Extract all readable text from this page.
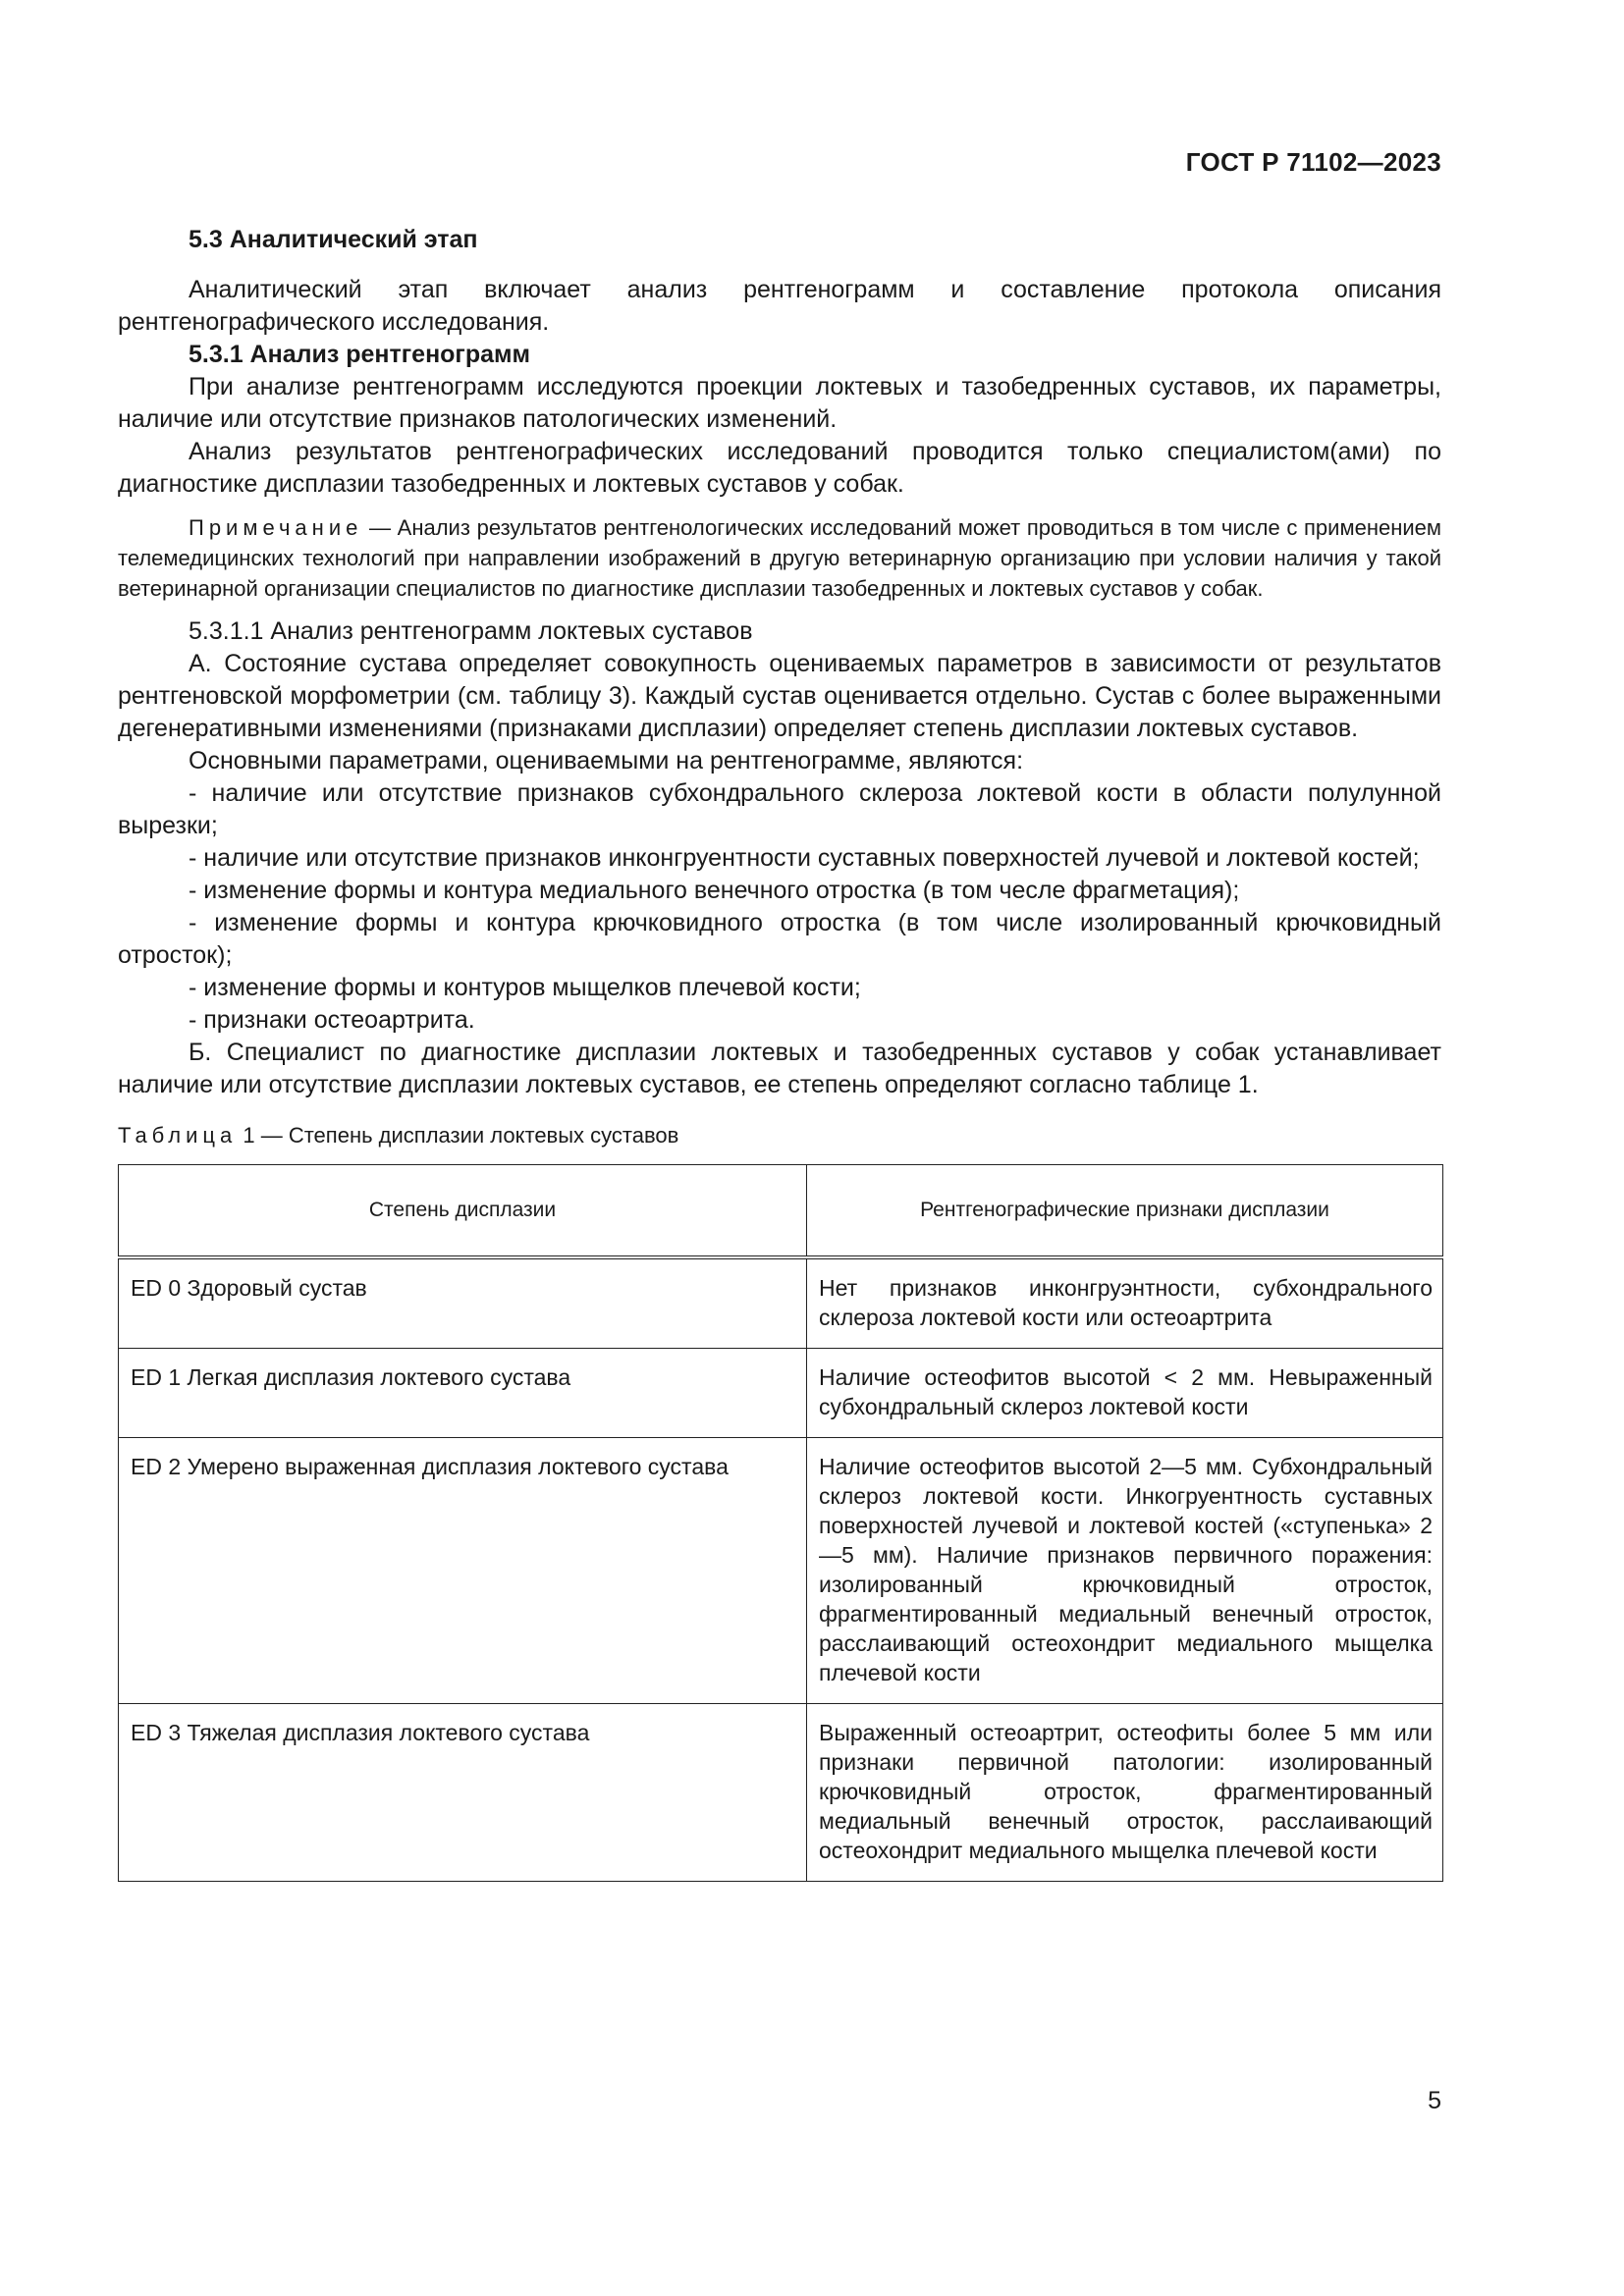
ГОСТ Р 71102—2023

5.3 Аналитический этап

Аналитический этап включает анализ рентгенограмм и составление протокола описания рентгенографического исследования.

5.3.1 Анализ рентгенограмм

При анализе рентгенограмм исследуются проекции локтевых и тазобедренных суставов, их параметры, наличие или отсутствие признаков патологических изменений.

Анализ результатов рентгенографических исследований проводится только специалистом(ами) по диагностике дисплазии тазобедренных и локтевых суставов у собак.

Примечание — Анализ результатов рентгенологических исследований может проводиться в том числе с применением телемедицинских технологий при направлении изображений в другую ветеринарную организацию при условии наличия у такой ветеринарной организации специалистов по диагностике дисплазии тазобедренных и локтевых суставов у собак.

5.3.1.1 Анализ рентгенограмм локтевых суставов

А. Состояние сустава определяет совокупность оцениваемых параметров в зависимости от результатов рентгеновской морфометрии (см. таблицу 3). Каждый сустав оценивается отдельно. Сустав с более выраженными дегенеративными изменениями (признаками дисплазии) определяет степень дисплазии локтевых суставов.

Основными параметрами, оцениваемыми на рентгенограмме, являются:

- наличие или отсутствие признаков субхондрального склероза локтевой кости в области полулунной вырезки;

- наличие или отсутствие признаков инконгруентности суставных поверхностей лучевой и локтевой костей;

- изменение формы и контура медиального венечного отростка (в том чесле фрагметация);

- изменение формы и контура крючковидного отростка (в том числе изолированный крючковидный отросток);

- изменение формы и контуров мыщелков плечевой кости;

- признаки остеоартрита.

Б. Специалист по диагностике дисплазии локтевых и тазобедренных суставов у собак устанавливает наличие или отсутствие дисплазии локтевых суставов, ее степень определяют согласно таблице 1.

Таблица 1 — Степень дисплазии локтевых суставов

Степень дисплазии	Рентгенографические признаки дисплазии
ED 0 Здоровый сустав	Нет признаков инконгруэнтности, субхондрального склероза локтевой кости или остеоартрита
ED 1 Легкая дисплазия локтевого сустава	Наличие остеофитов высотой < 2 мм. Невыраженный субхондральный склероз локтевой кости
ED 2 Умерено выраженная дисплазия локтевого сустава	Наличие остеофитов высотой 2—5 мм. Субхондральный склероз локтевой кости. Инкогруентность суставных поверхностей лучевой и локтевой костей («ступенька» 2—5 мм). Наличие признаков первичного поражения: изолированный крючковидный отросток, фрагментированный медиальный венечный отросток, расслаивающий остеохондрит медиального мыщелка плечевой кости
ED 3 Тяжелая дисплазия локтевого сустава	Выраженный остеоартрит, остеофиты более 5 мм или признаки первичной патологии: изолированный крючковидный отросток, фрагментированный медиальный венечный отросток, расслаивающий остеохондрит медиального мыщелка плечевой кости
5
